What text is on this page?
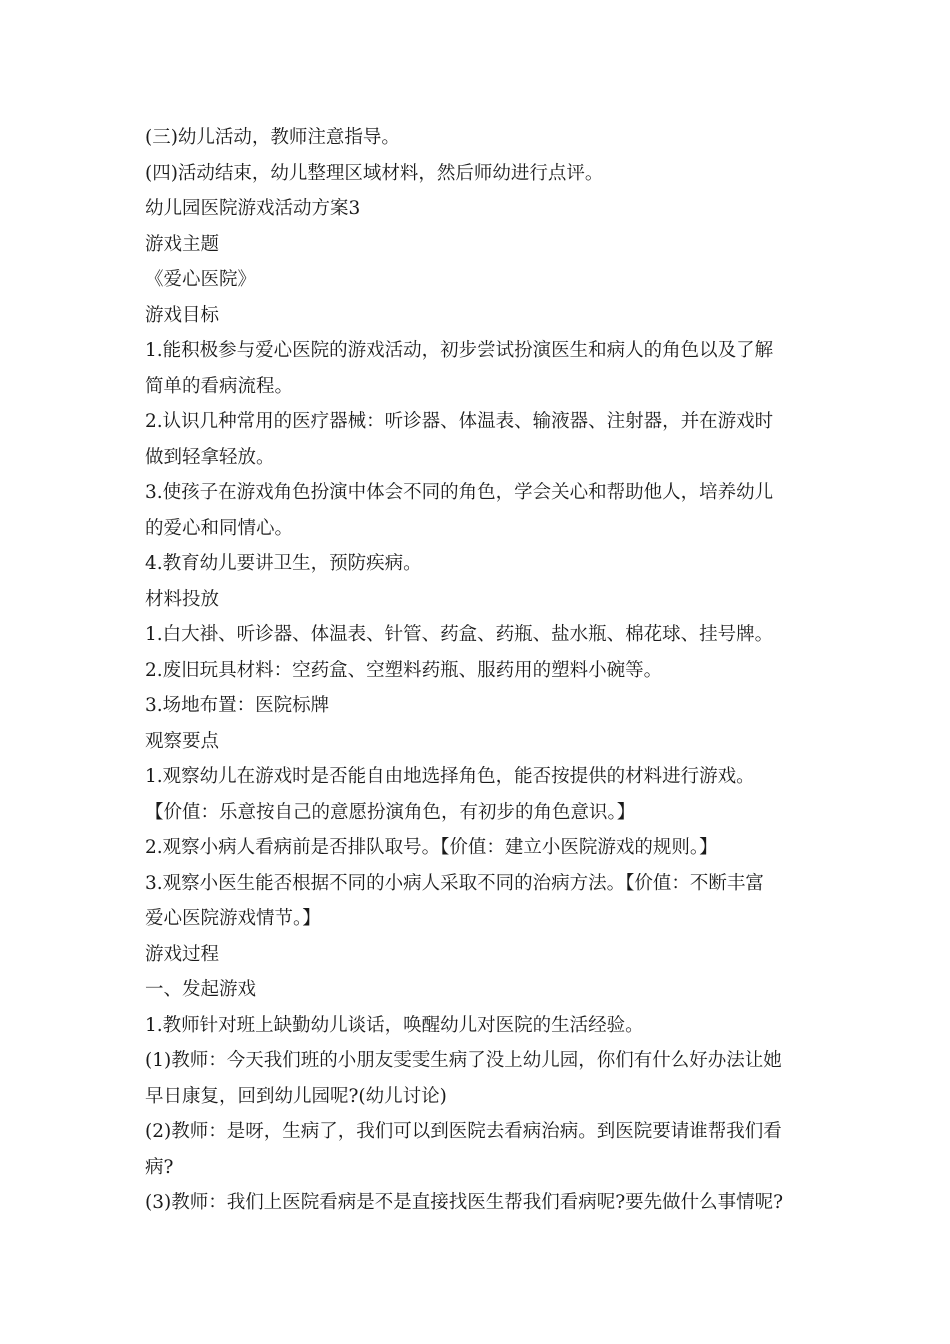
(三)幼儿活动，教师注意指导。
(四)活动结束，幼儿整理区域材料，然后师幼进行点评。
幼儿园医院游戏活动方案3
游戏主题
《爱心医院》
游戏目标
1.能积极参与爱心医院的游戏活动，初步尝试扮演医生和病人的角色以及了解
简单的看病流程。
2.认识几种常用的医疗器械：听诊器、体温表、输液器、注射器，并在游戏时
做到轻拿轻放。
3.使孩子在游戏角色扮演中体会不同的角色，学会关心和帮助他人，培养幼儿
的爱心和同情心。
4.教育幼儿要讲卫生，预防疾病。
材料投放
1.白大褂、听诊器、体温表、针管、药盒、药瓶、盐水瓶、棉花球、挂号牌。
2.废旧玩具材料：空药盒、空塑料药瓶、服药用的塑料小碗等。
3.场地布置：医院标牌
观察要点
1.观察幼儿在游戏时是否能自由地选择角色，能否按提供的材料进行游戏。
【价值：乐意按自己的意愿扮演角色，有初步的角色意识。】
2.观察小病人看病前是否排队取号。【价值：建立小医院游戏的规则。】
3.观察小医生能否根据不同的小病人采取不同的治病方法。【价值：不断丰富
爱心医院游戏情节。】
游戏过程
一、发起游戏
1.教师针对班上缺勤幼儿谈话，唤醒幼儿对医院的生活经验。
(1)教师：今天我们班的小朋友雯雯生病了没上幼儿园，你们有什么好办法让她
早日康复，回到幼儿园呢?(幼儿讨论)
(2)教师：是呀，生病了，我们可以到医院去看病治病。到医院要请谁帮我们看
病?
(3)教师：我们上医院看病是不是直接找医生帮我们看病呢?要先做什么事情呢?
